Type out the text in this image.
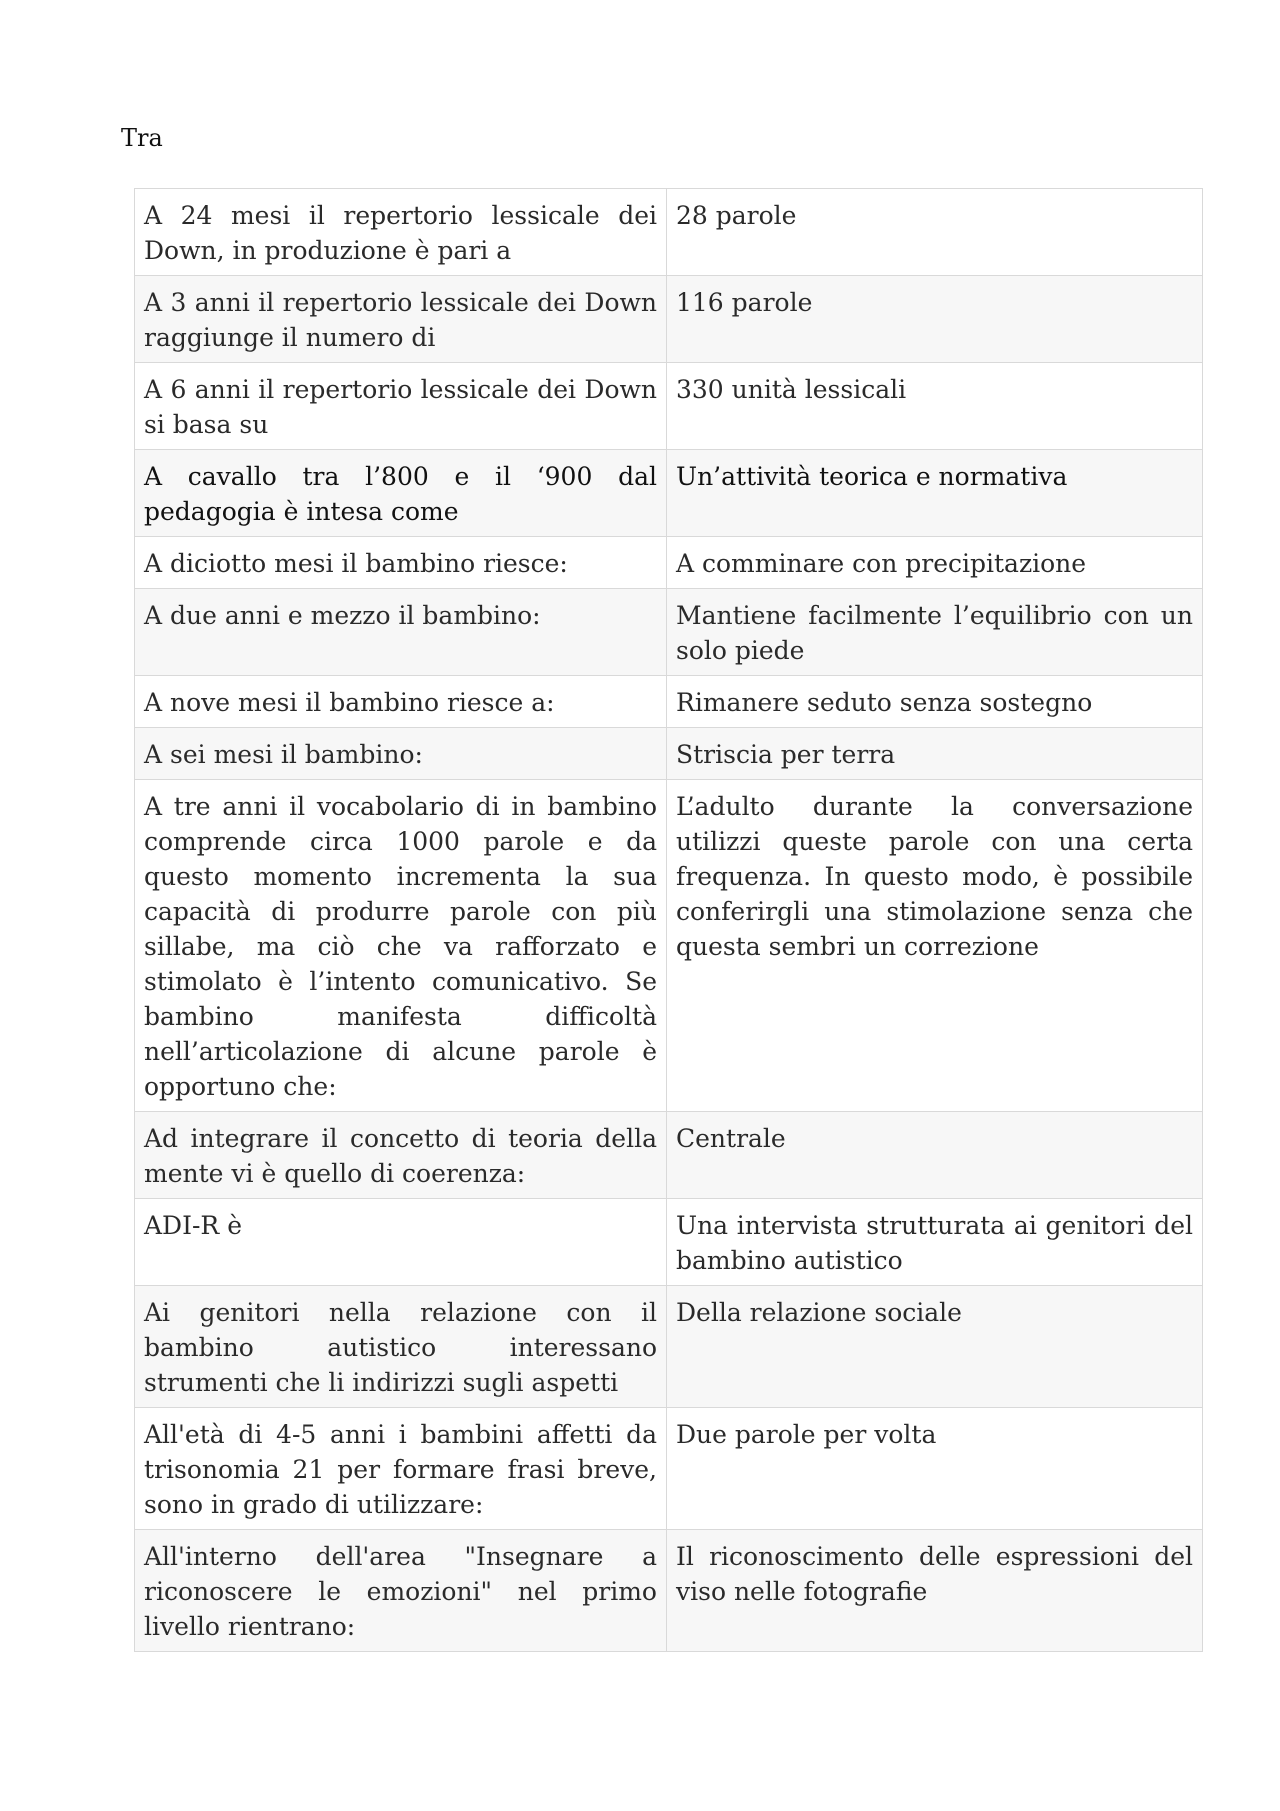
Tra
A 24 mesi il repertorio lessicale dei Down, in produzione è pari a	28 parole
A 3 anni il repertorio lessicale dei Down raggiunge il numero di	116 parole
A 6 anni il repertorio lessicale dei Down si basa su	330 unità lessicali
A cavallo tra l’800 e il ‘900 dal pedagogia è intesa come	Un’attività teorica e normativa
A diciotto mesi il bambino riesce:	A comminare con precipitazione
A due anni e mezzo il bambino:	Mantiene facilmente l’equilibrio con un solo piede
A nove mesi il bambino riesce a:	Rimanere seduto senza sostegno
A sei mesi il bambino:	Striscia per terra
A tre anni il vocabolario di in bambino comprende circa 1000 parole e da questo momento incrementa la sua capacità di produrre parole con più sillabe, ma ciò che va rafforzato e stimolato è l’intento comunicativo. Se bambino manifesta difficoltà nell’articolazione di alcune parole è opportuno che:	L’adulto durante la conversazione utilizzi queste parole con una certa frequenza. In questo modo, è possibile conferirgli una stimolazione senza che questa sembri un correzione
Ad integrare il concetto di teoria della mente vi è quello di coerenza:	Centrale
ADI-R è	Una intervista strutturata ai genitori del bambino autistico
Ai genitori nella relazione con il bambino autistico interessano strumenti che li indirizzi sugli aspetti	Della relazione sociale
All'età di 4-5 anni i bambini affetti da trisonomia 21 per formare frasi breve, sono in grado di utilizzare:	Due parole per volta
All'interno dell'area "Insegnare a riconoscere le emozioni" nel primo livello rientrano:	Il riconoscimento delle espressioni del viso nelle fotografie
